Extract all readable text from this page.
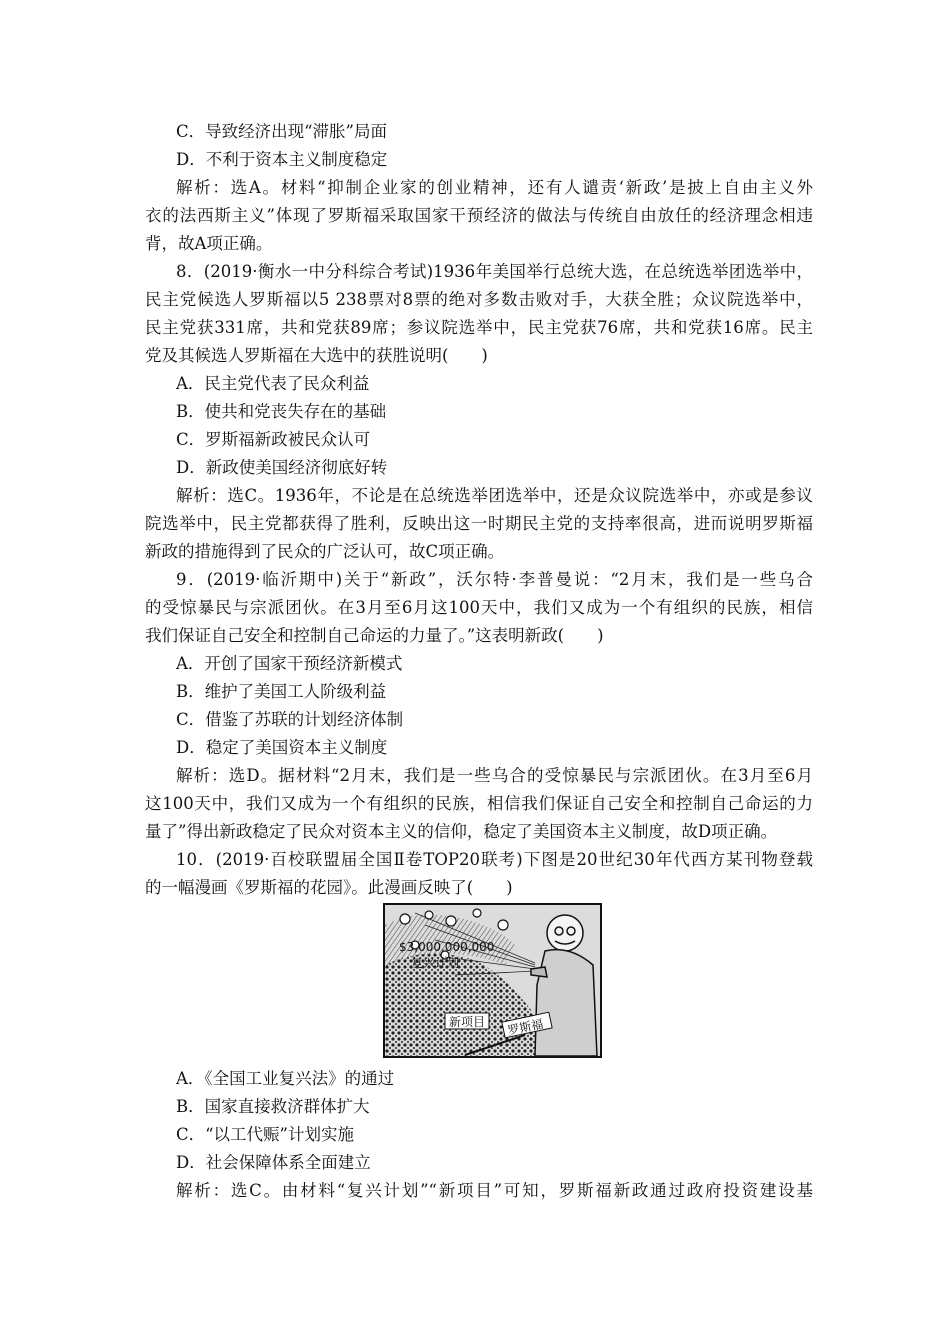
C．导致经济出现“滞胀”局面
D．不利于资本主义制度稳定
解析：选A。材料“抑制企业家的创业精神，还有人谴责‘新政’是披上自由主义外
衣的法西斯主义”体现了罗斯福采取国家干预经济的做法与传统自由放任的经济理念相违
背，故A项正确。
8．(2019·衡水一中分科综合考试)1936年美国举行总统大选，在总统选举团选举中，
民主党候选人罗斯福以5 238票对8票的绝对多数击败对手，大获全胜；众议院选举中，
民主党获331席，共和党获89席；参议院选举中，民主党获76席，共和党获16席。民主
党及其候选人罗斯福在大选中的获胜说明(　　)
A．民主党代表了民众利益
B．使共和党丧失存在的基础
C．罗斯福新政被民众认可
D．新政使美国经济彻底好转
解析：选C。1936年，不论是在总统选举团选举中，还是众议院选举中，亦或是参议
院选举中，民主党都获得了胜利，反映出这一时期民主党的支持率很高，进而说明罗斯福
新政的措施得到了民众的广泛认可，故C项正确。
9．(2019·临沂期中)关于“新政”，沃尔特·李普曼说：“2月末，我们是一些乌合
的受惊暴民与宗派团伙。在3月至6月这100天中，我们又成为一个有组织的民族，相信
我们保证自己安全和控制自己命运的力量了。”这表明新政(　　)
A．开创了国家干预经济新模式
B．维护了美国工人阶级利益
C．借鉴了苏联的计划经济体制
D．稳定了美国资本主义制度
解析：选D。据材料“2月末，我们是一些乌合的受惊暴民与宗派团伙。在3月至6月
这100天中，我们又成为一个有组织的民族，相信我们保证自己安全和控制自己命运的力
量了”得出新政稳定了民众对资本主义的信仰，稳定了美国资本主义制度，故D项正确。
10．(2019·百校联盟届全国Ⅱ卷TOP20联考)下图是20世纪30年代西方某刊物登载
的一幅漫画《罗斯福的花园》。此漫画反映了(　　)
$3,000,000,000
复兴计划
新项目 罗斯福
A．《全国工业复兴法》的通过
B．国家直接救济群体扩大
C．“以工代赈”计划实施
D．社会保障体系全面建立
解析：选C。由材料“复兴计划”“新项目”可知，罗斯福新政通过政府投资建设基
